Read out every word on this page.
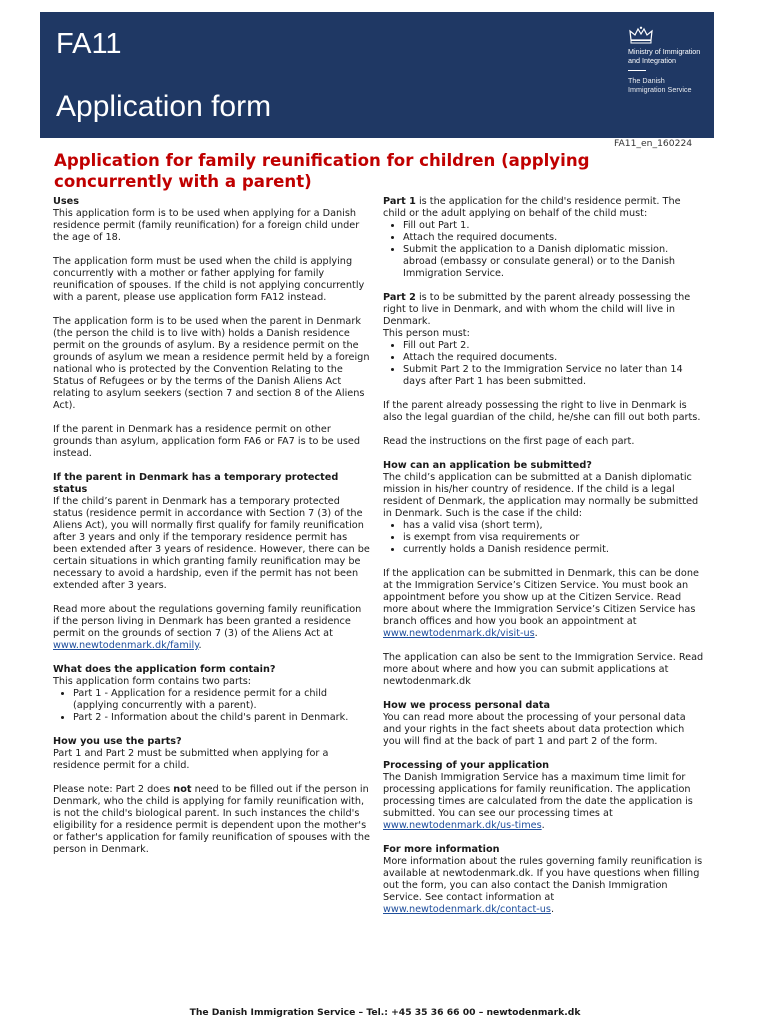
FA11
Application form
Ministry of Immigration
and Integration
The Danish
Immigration Service
FA11_en_160224
Application for family reunification for children (applying concurrently with a parent)
Uses

This application form is to be used when applying for a Danish residence permit (family reunification) for a foreign child under the age of 18.

The application form must be used when the child is applying concurrently with a mother or father applying for family reunification of spouses. If the child is not applying concurrently with a parent, please use application form FA12 instead.

The application form is to be used when the parent in Denmark (the person the child is to live with) holds a Danish residence permit on the grounds of asylum. By a residence permit on the grounds of asylum we mean a residence permit held by a foreign national who is protected by the Convention Relating to the Status of Refugees or by the terms of the Danish Aliens Act relating to asylum seekers (section 7 and section 8 of the Aliens Act).

If the parent in Denmark has a residence permit on other grounds than asylum, application form FA6 or FA7 is to be used instead.

If the parent in Denmark has a temporary protected status

If the child’s parent in Denmark has a temporary protected status (residence permit in accordance with Section 7 (3) of the Aliens Act), you will normally first qualify for family reunification after 3 years and only if the temporary residence permit has been extended after 3 years of residence. However, there can be certain situations in which granting family reunification may be necessary to avoid a hardship, even if the permit has not been extended after 3 years.

Read more about the regulations governing family reunification if the person living in Denmark has been granted a residence permit on the grounds of section 7 (3) of the Aliens Act at www.newtodenmark.dk/family.

What does the application form contain?
This application form contains two parts:
• Part 1 - Application for a residence permit for a child (applying concurrently with a parent).
• Part 2 - Information about the child's parent in Denmark.
How you use the parts?

Part 1 and Part 2 must be submitted when applying for a residence permit for a child.

Please note: Part 2 does not need to be filled out if the person in Denmark, who the child is applying for family reunification with, is not the child's biological parent. In such instances the child's eligibility for a residence permit is dependent upon the mother's or father's application for family reunification of spouses with the person in Denmark.

Part 1 is the application for the child's residence permit. The child or the adult applying on behalf of the child must:
• Fill out Part 1.
• Attach the required documents.
• Submit the application to a Danish diplomatic mission. abroad (embassy or consulate general) or to the Danish Immigration Service.
Part 2 is to be submitted by the parent already possessing the right to live in Denmark, and with whom the child will live in Denmark.
This person must:
• Fill out Part 2.
• Attach the required documents.
• Submit Part 2 to the Immigration Service no later than 14 days after Part 1 has been submitted.

If the parent already possessing the right to live in Denmark is also the legal guardian of the child, he/she can fill out both parts.

Read the instructions on the first page of each part.

How can an application be submitted?
The child’s application can be submitted at a Danish diplomatic mission in his/her country of residence. If the child is a legal resident of Denmark, the application may normally be submitted in Denmark. Such is the case if the child:
• has a valid visa (short term),
• is exempt from visa requirements or
• currently holds a Danish residence permit.

If the application can be submitted in Denmark, this can be done at the Immigration Service’s Citizen Service. You must book an appointment before you show up at the Citizen Service. Read more about where the Immigration Service’s Citizen Service has branch offices and how you book an appointment at www.newtodenmark.dk/visit-us.

The application can also be sent to the Immigration Service. Read more about where and how you can submit applications at newtodenmark.dk

How we process personal data

You can read more about the processing of your personal data and your rights in the fact sheets about data protection which you will find at the back of part 1 and part 2 of the form.

Processing of your application

The Danish Immigration Service has a maximum time limit for processing applications for family reunification. The application processing times are calculated from the date the application is submitted. You can see our processing times at www.newtodenmark.dk/us-times.

For more information

More information about the rules governing family reunification is available at newtodenmark.dk. If you have questions when filling out the form, you can also contact the Danish Immigration Service. See contact information at www.newtodenmark.dk/contact-us.

The Danish Immigration Service – Tel.: +45 35 36 66 00 – newtodenmark.dk
